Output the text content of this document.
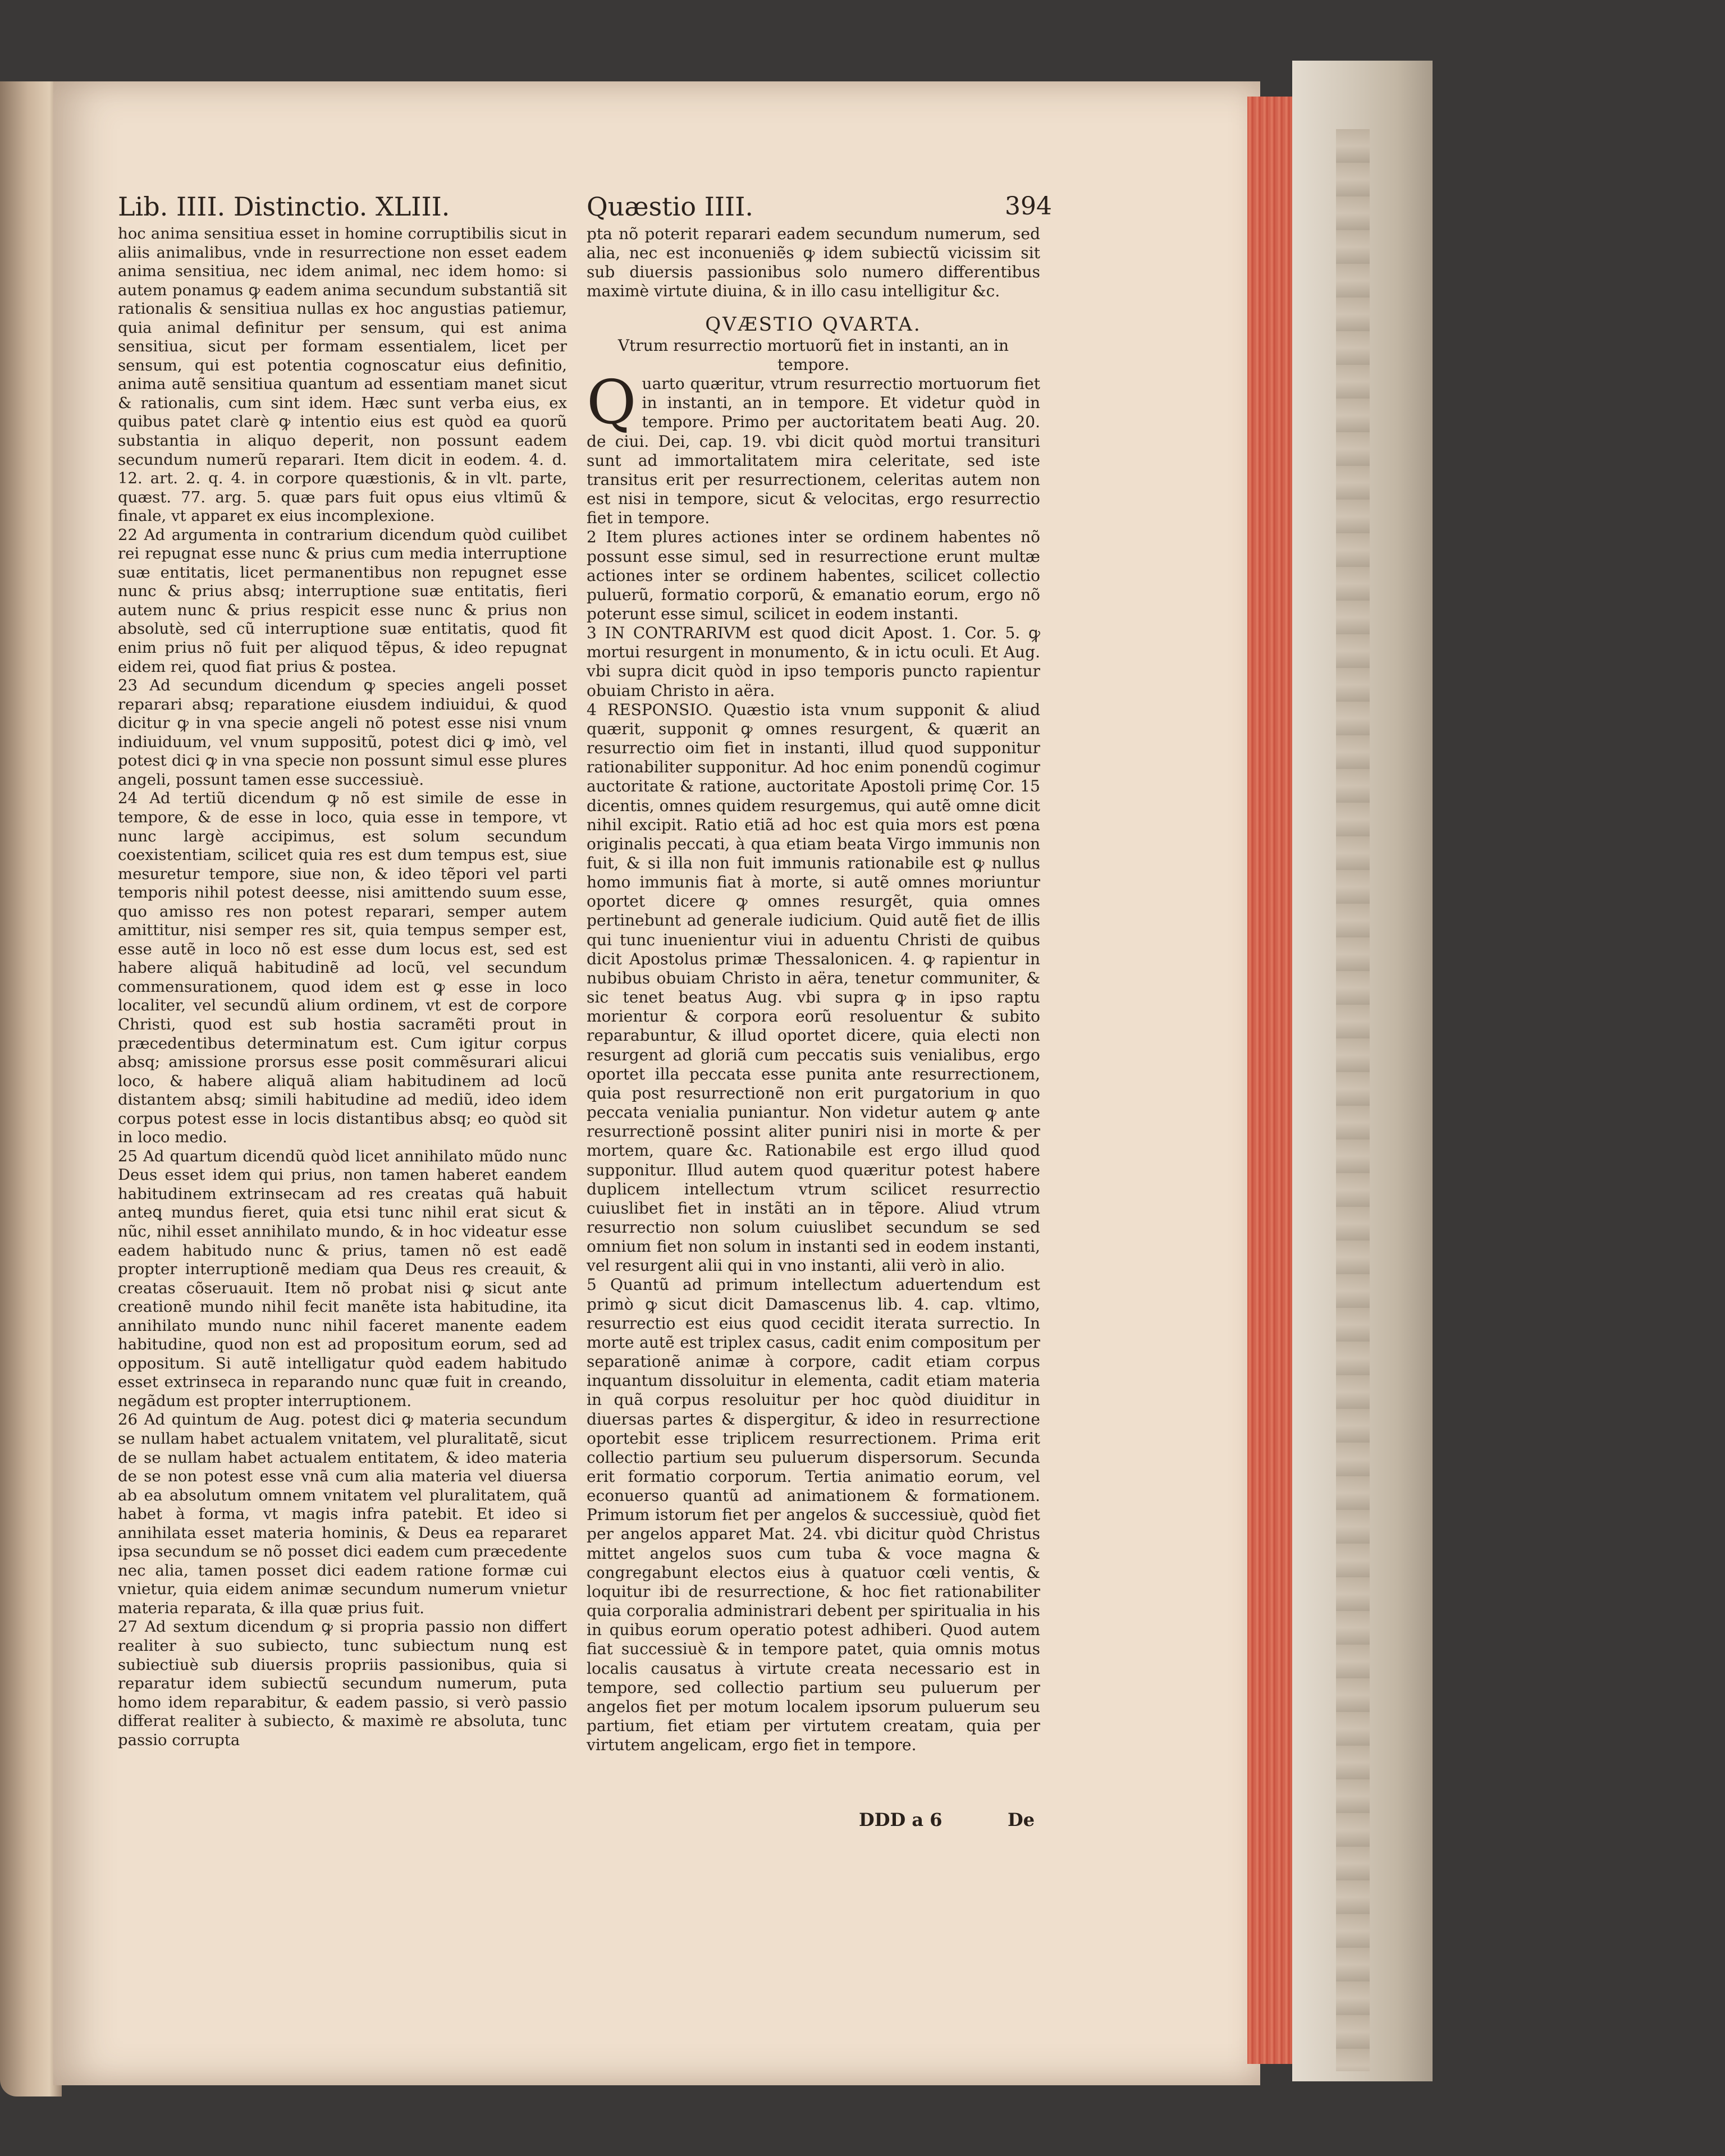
Lib. IIII. Distinctio. XLIII.	Quæstio IIII.	394

hoc anima sensitiua esset in homine corruptibilis sicut in aliis animalibus, vnde in resurrectione non esset eadem anima sensitiua, nec idem animal, nec idem homo: si autem ponamus ꝙ eadem anima secundum substantiã sit rationalis & sensitiua nullas ex hoc angustias patiemur, quia animal definitur per sensum, qui est anima sensitiua, sicut per formam essentialem, licet per sensum, qui est potentia cognoscatur eius definitio, anima autẽ sensitiua quantum ad essentiam manet sicut & rationalis, cum sint idem. Hæc sunt verba eius, ex quibus patet clarè ꝙ intentio eius est quòd ea quorũ substantia in aliquo deperit, non possunt eadem secundum numerũ reparari. Item dicit in eodem. 4. d. 12. art. 2. q. 4. in corpore quæstionis, & in vlt. parte, quæst. 77. arg. 5. quæ pars fuit opus eius vltimũ & finale, vt apparet ex eius incomplexione.

22 Ad argumenta in contrarium dicendum quòd cuilibet rei repugnat esse nunc & prius cum media interruptione suæ entitatis, licet permanentibus non repugnet esse nunc & prius absq; interruptione suæ entitatis, fieri autem nunc & prius respicit esse nunc & prius non absolutè, sed cũ interruptione suæ entitatis, quod fit enim prius nõ fuit per aliquod tẽpus, & ideo repugnat eidem rei, quod fiat prius & postea.

23 Ad secundum dicendum ꝙ species angeli posset reparari absq; reparatione eiusdem indiuidui, & quod dicitur ꝙ in vna specie angeli nõ potest esse nisi vnum indiuiduum, vel vnum suppositũ, potest dici ꝙ imò, vel potest dici ꝙ in vna specie non possunt simul esse plures angeli, possunt tamen esse successiuè.

24 Ad tertiũ dicendum ꝙ nõ est simile de esse in tempore, & de esse in loco, quia esse in tempore, vt nunc largè accipimus, est solum secundum coexistentiam, scilicet quia res est dum tempus est, siue mesuretur tempore, siue non, & ideo tẽpori vel parti temporis nihil potest deesse, nisi amittendo suum esse, quo amisso res non potest reparari, semper autem amittitur, nisi semper res sit, quia tempus semper est, esse autẽ in loco nõ est esse dum locus est, sed est habere aliquã habitudinẽ ad locũ, vel secundum commensurationem, quod idem est ꝙ esse in loco localiter, vel secundũ alium ordinem, vt est de corpore Christi, quod est sub hostia sacramẽti prout in præcedentibus determinatum est. Cum igitur corpus absq; amissione prorsus esse posit commẽsurari alicui loco, & habere aliquã aliam habitudinem ad locũ distantem absq; simili habitudine ad mediũ, ideo idem corpus potest esse in locis distantibus absq; eo quòd sit in loco medio.

25 Ad quartum dicendũ quòd licet annihilato mũdo nunc Deus esset idem qui prius, non tamen haberet eandem habitudinem extrinsecam ad res creatas quã habuit anteꝗ mundus fieret, quia etsi tunc nihil erat sicut & nũc, nihil esset annihilato mundo, & in hoc videatur esse eadem habitudo nunc & prius, tamen nõ est eadẽ propter interruptionẽ mediam qua Deus res creauit, & creatas cõseruauit. Item nõ probat nisi ꝙ sicut ante creationẽ mundo nihil fecit manẽte ista habitudine, ita annihilato mundo nunc nihil faceret manente eadem habitudine, quod non est ad propositum eorum, sed ad oppositum. Si autẽ intelligatur quòd eadem habitudo esset extrinseca in reparando nunc quæ fuit in creando, negãdum est propter interruptionem.

26 Ad quintum de Aug. potest dici ꝙ materia secundum se nullam habet actualem vnitatem, vel pluralitatẽ, sicut de se nullam habet actualem entitatem, & ideo materia de se non potest esse vnã cum alia materia vel diuersa ab ea absolutum omnem vnitatem vel pluralitatem, quã habet à forma, vt magis infra patebit. Et ideo si annihilata esset materia hominis, & Deus ea repararet ipsa secundum se nõ posset dici eadem cum præcedente nec alia, tamen posset dici eadem ratione formæ cui vnietur, quia eidem animæ secundum numerum vnietur materia reparata, & illa quæ prius fuit.

27 Ad sextum dicendum ꝙ si propria passio non differt realiter à suo subiecto, tunc subiectum nunꝗ est subiectiuè sub diuersis propriis passionibus, quia si reparatur idem subiectũ secundum numerum, puta homo idem reparabitur, & eadem passio, si verò passio differat realiter à subiecto, & maximè re absoluta, tunc passio corrupta

pta nõ poterit reparari eadem secundum numerum, sed alia, nec est inconueniẽs ꝙ idem subiectũ vicissim sit sub diuersis passionibus solo numero differentibus maximè virtute diuina, & in illo casu intelligitur &c.

QVÆSTIO QVARTA.

Vtrum resurrectio mortuorũ fiet in instanti, an in tempore.

Quarto quæritur, vtrum resurrectio mortuorum fiet in instanti, an in tempore. Et videtur quòd in tempore. Primo per auctoritatem beati Aug. 20. de ciui. Dei, cap. 19. vbi dicit quòd mortui transituri sunt ad immortalitatem mira celeritate, sed iste transitus erit per resurrectionem, celeritas autem non est nisi in tempore, sicut & velocitas, ergo resurrectio fiet in tempore.

2 Item plures actiones inter se ordinem habentes nõ possunt esse simul, sed in resurrectione erunt multæ actiones inter se ordinem habentes, scilicet collectio puluerũ, formatio corporũ, & emanatio eorum, ergo nõ poterunt esse simul, scilicet in eodem instanti.

3 IN CONTRARIVM est quod dicit Apost. 1. Cor. 5. ꝙ mortui resurgent in monumento, & in ictu oculi. Et Aug. vbi supra dicit quòd in ipso temporis puncto rapientur obuiam Christo in aëra.

4 RESPONSIO. Quæstio ista vnum supponit & aliud quærit, supponit ꝙ omnes resurgent, & quærit an resurrectio oim fiet in instanti, illud quod supponitur rationabiliter supponitur. Ad hoc enim ponendũ cogimur auctoritate & ratione, auctoritate Apostoli primę Cor. 15 dicentis, omnes quidem resurgemus, qui autẽ omne dicit nihil excipit. Ratio etiã ad hoc est quia mors est pœna originalis peccati, à qua etiam beata Virgo immunis non fuit, & si illa non fuit immunis rationabile est ꝙ nullus homo immunis fiat à morte, si autẽ omnes moriuntur oportet dicere ꝙ omnes resurgẽt, quia omnes pertinebunt ad generale iudicium. Quid autẽ fiet de illis qui tunc inuenientur viui in aduentu Christi de quibus dicit Apostolus primæ Thessalonicen. 4. ꝙ rapientur in nubibus obuiam Christo in aëra, tenetur communiter, & sic tenet beatus Aug. vbi supra ꝙ in ipso raptu morientur & corpora eorũ resoluentur & subito reparabuntur, & illud oportet dicere, quia electi non resurgent ad gloriã cum peccatis suis venialibus, ergo oportet illa peccata esse punita ante resurrectionem, quia post resurrectionẽ non erit purgatorium in quo peccata venialia puniantur. Non videtur autem ꝙ ante resurrectionẽ possint aliter puniri nisi in morte & per mortem, quare &c. Rationabile est ergo illud quod supponitur. Illud autem quod quæritur potest habere duplicem intellectum vtrum scilicet resurrectio cuiuslibet fiet in instãti an in tẽpore. Aliud vtrum resurrectio non solum cuiuslibet secundum se sed omnium fiet non solum in instanti sed in eodem instanti, vel resurgent alii qui in vno instanti, alii verò in alio.

5 Quantũ ad primum intellectum aduertendum est primò ꝙ sicut dicit Damascenus lib. 4. cap. vltimo, resurrectio est eius quod cecidit iterata surrectio. In morte autẽ est triplex casus, cadit enim compositum per separationẽ animæ à corpore, cadit etiam corpus inquantum dissoluitur in elementa, cadit etiam materia in quã corpus resoluitur per hoc quòd diuiditur in diuersas partes & dispergitur, & ideo in resurrectione oportebit esse triplicem resurrectionem. Prima erit collectio partium seu puluerum dispersorum. Secunda erit formatio corporum. Tertia animatio eorum, vel econuerso quantũ ad animationem & formationem. Primum istorum fiet per angelos & successiuè, quòd fiet per angelos apparet Mat. 24. vbi dicitur quòd Christus mittet angelos suos cum tuba & voce magna & congregabunt electos eius à quatuor cœli ventis, & loquitur ibi de resurrectione, & hoc fiet rationabiliter quia corporalia administrari debent per spiritualia in his in quibus eorum operatio potest adhiberi. Quod autem fiat successiuè & in tempore patet, quia omnis motus localis causatus à virtute creata necessario est in tempore, sed collectio partium seu puluerum per angelos fiet per motum localem ipsorum puluerum seu partium, fiet etiam per virtutem creatam, quia per virtutem angelicam, ergo fiet in tempore.

DDD a 6	De
